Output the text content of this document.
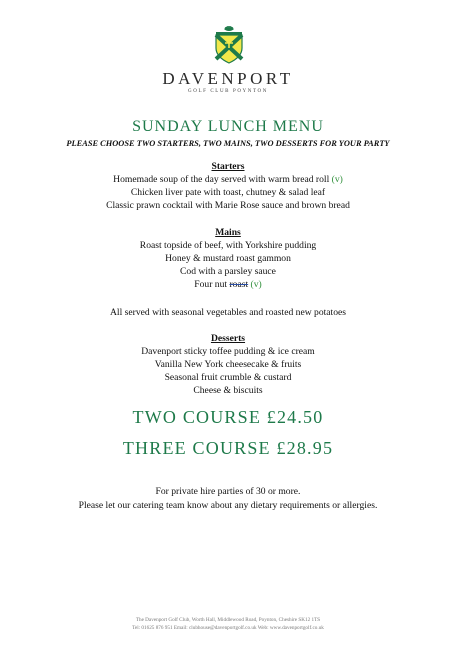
DAVENPORT
GOLF CLUB POYNTON
SUNDAY LUNCH MENU
PLEASE CHOOSE TWO STARTERS, TWO MAINS, TWO DESSERTS FOR YOUR PARTY
Starters
Homemade soup of the day served with warm bread roll (v)
Chicken liver pate with toast, chutney & salad leaf
Classic prawn cocktail with Marie Rose sauce and brown bread
Mains
Roast topside of beef, with Yorkshire pudding
Honey & mustard roast gammon
Cod with a parsley sauce
Four nut roast (v)
All served with seasonal vegetables and roasted new potatoes
Desserts
Davenport sticky toffee pudding & ice cream
Vanilla New York cheesecake & fruits
Seasonal fruit crumble & custard
Cheese & biscuits
TWO COURSE £24.50
THREE COURSE £28.95
For private hire parties of 30 or more.
Please let our catering team know about any dietary requirements or allergies.
The Davenport Golf Club, Worth Hall, Middlewood Road, Poynton, Cheshire SK12 1TS
Tel: 01625 876 951 Email: clubhouse@davenportgolf.co.uk Web: www.davenportgolf.co.uk
